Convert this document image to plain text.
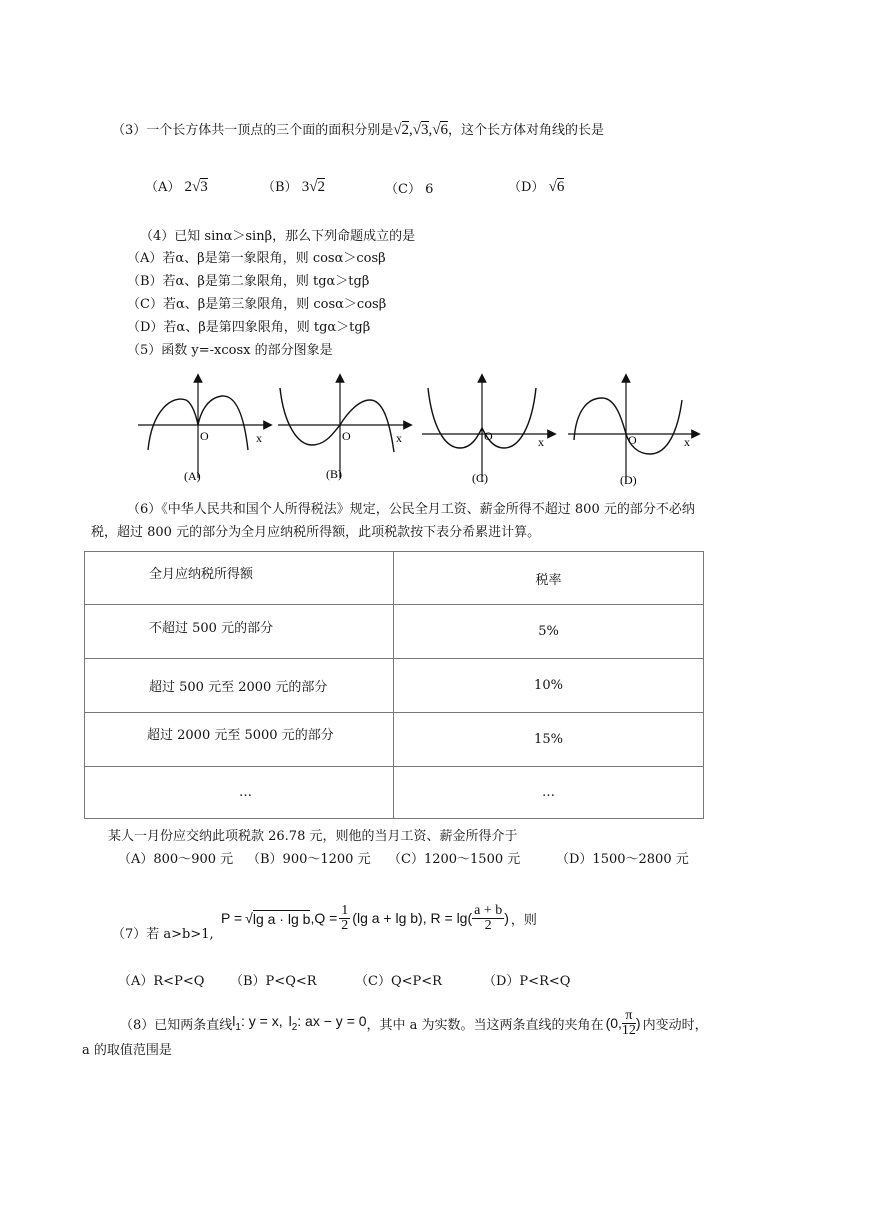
（3）一个长方体共一顶点的三个面的面积分别是√2,√3,√6，这个长方体对角线的长是
（A） 2√3	（B） 3√2	（C） 6	（D） √6
（4）已知 sinα＞sinβ，那么下列命题成立的是
（A）若α、β是第一象限角，则 cosα＞cosβ
（B）若α、β是第二象限角，则 tgα＞tgβ
（C）若α、β是第三象限角，则 cosα＞cosβ
（D）若α、β是第四象限角，则 tgα＞tgβ
（5）函数 y=-xcosx 的部分图象是
O	x
(A)
O	x
(B)
O	x
(C)
O	x
(D)
（6）《中华人民共和国个人所得税法》规定，公民全月工资、薪金所得不超过 800 元的部分不必纳
税，超过 800 元的部分为全月应纳税所得额，此项税款按下表分希累进计算。
全月应纳税所得额	税率

不超过 500 元的部分	5%

超过 500 元至 2000 元的部分	10%

超过 2000 元至 5000 元的部分	15%

…	…
某人一月份应交纳此项税款 26.78 元，则他的当月工资、薪金所得介于
（A）800～900 元 （B）900～1200 元 （C）1200～1500 元	（D）1500～2800 元
（7）若 a>b>1,
P = √ lg a · lg b $,Q = \frac{1}{2} (\lg$ a + lg b), $R = \lg( \frac{a + b}{2}$ ) ，则
（A）R<P<Q （B）P<Q<R	（C）Q<P<R	（D）P<R<Q
（8）已知两条直线 $l_1$: y = x, $l_2$: ax − y = 0 ，其中 a 为实数。当这两条直线的夹角在 (0, $\frac{\pi}{12}$ ) 内变动时，
a 的取值范围是
